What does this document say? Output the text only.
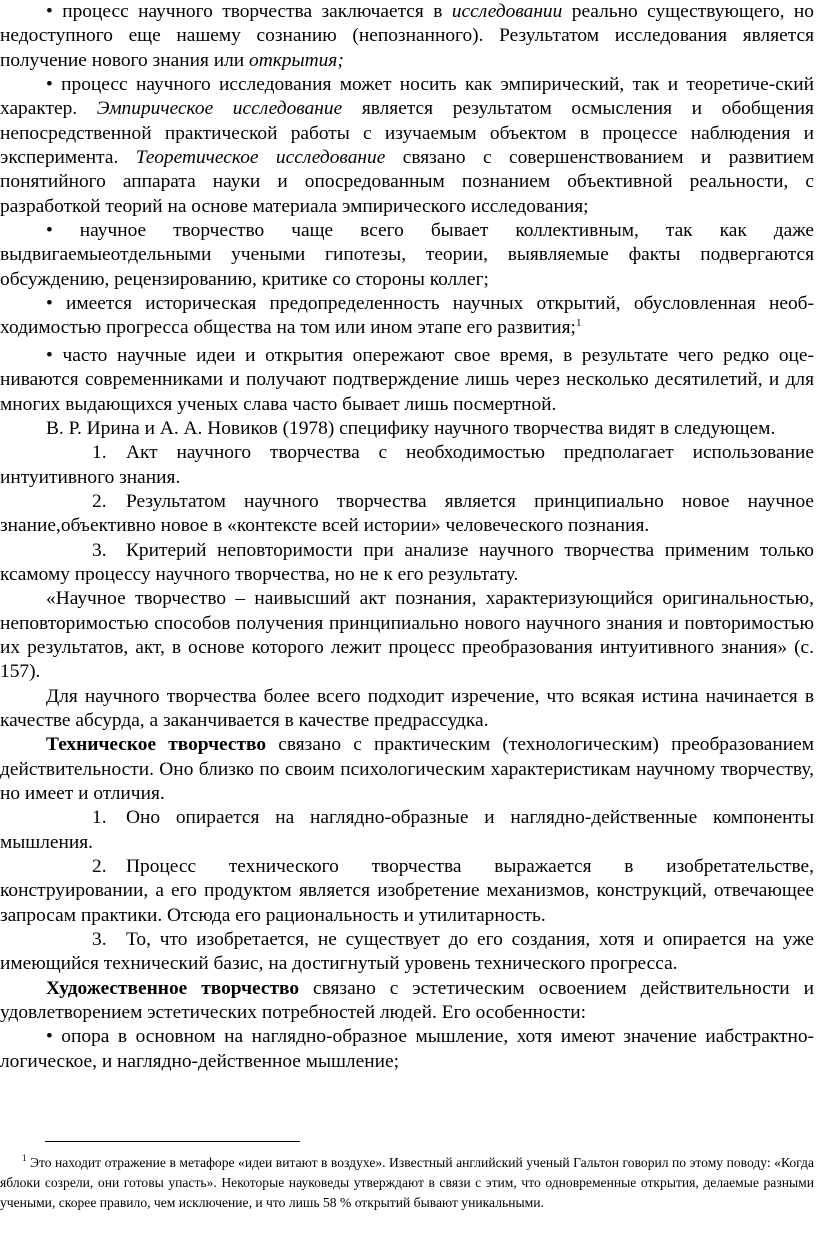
• процесс научного творчества заключается в исследовании реально существующего, но недоступного еще нашему сознанию (непознанного). Результатом исследования является получение нового знания или открытия;

• процесс научного исследования может носить как эмпирический, так и теоретиче-ский характер. Эмпирическое исследование является результатом осмысления и обобщения непосредственной практической работы с изучаемым объектом в процессе наблюдения и эксперимента. Теоретическое исследование связано с совершенствованием и развитием понятийного аппарата науки и опосредованным познанием объективной реальности, с разработкой теорий на основе материала эмпирического исследования;

• научное творчество чаще всего бывает коллективным, так как даже выдвигаемыеотдельными учеными гипотезы, теории, выявляемые факты подвергаются обсуждению, рецензированию, критике со стороны коллег;

• имеется историческая предопределенность научных открытий, обусловленная необ-ходимостью прогресса общества на том или ином этапе его развития;$^1$

• часто научные идеи и открытия опережают свое время, в результате чего редко оце-ниваются современниками и получают подтверждение лишь через несколько десятилетий, и для многих выдающихся ученых слава часто бывает лишь посмертной.

В. Р. Ирина и А. А. Новиков (1978) специфику научного творчества видят в следующем.

1. Акт научного творчества с необходимостью предполагает использование интуитивного знания.

2. Результатом научного творчества является принципиально новое научное знание,объективно новое в «контексте всей истории» человеческого познания.

3. Критерий неповторимости при анализе научного творчества применим только ксамому процессу научного творчества, но не к его результату.

«Научное творчество – наивысший акт познания, характеризующийся оригинальностью, неповторимостью способов получения принципиально нового научного знания и повторимостью их результатов, акт, в основе которого лежит процесс преобразования интуитивного знания» (с. 157).

Для научного творчества более всего подходит изречение, что всякая истина начинается в качестве абсурда, а заканчивается в качестве предрассудка.

Техническое творчество связано с практическим (технологическим) преобразованием действительности. Оно близко по своим психологическим характеристикам научному творчеству, но имеет и отличия.

1. Оно опирается на наглядно-образные и наглядно-действенные компоненты мышления.

2. Процесс технического творчества выражается в изобретательстве, конструировании, а его продуктом является изобретение механизмов, конструкций, отвечающее запросам практики. Отсюда его рациональность и утилитарность.

3. То, что изобретается, не существует до его создания, хотя и опирается на уже имеющийся технический базис, на достигнутый уровень технического прогресса.

Художественное творчество связано с эстетическим освоением действительности и удовлетворением эстетических потребностей людей. Его особенности:

• опора в основном на наглядно-образное мышление, хотя имеют значение иабстрактно-логическое, и наглядно-действенное мышление;

$^1$ Это находит отражение в метафоре «идеи витают в воздухе». Известный английский ученый Гальтон говорил по этому поводу: «Когда яблоки созрели, они готовы упасть». Некоторые науковеды утверждают в связи с этим, что одновременные открытия, делаемые разными учеными, скорее правило, чем исключение, и что лишь 58 % открытий бывают уникальными.
